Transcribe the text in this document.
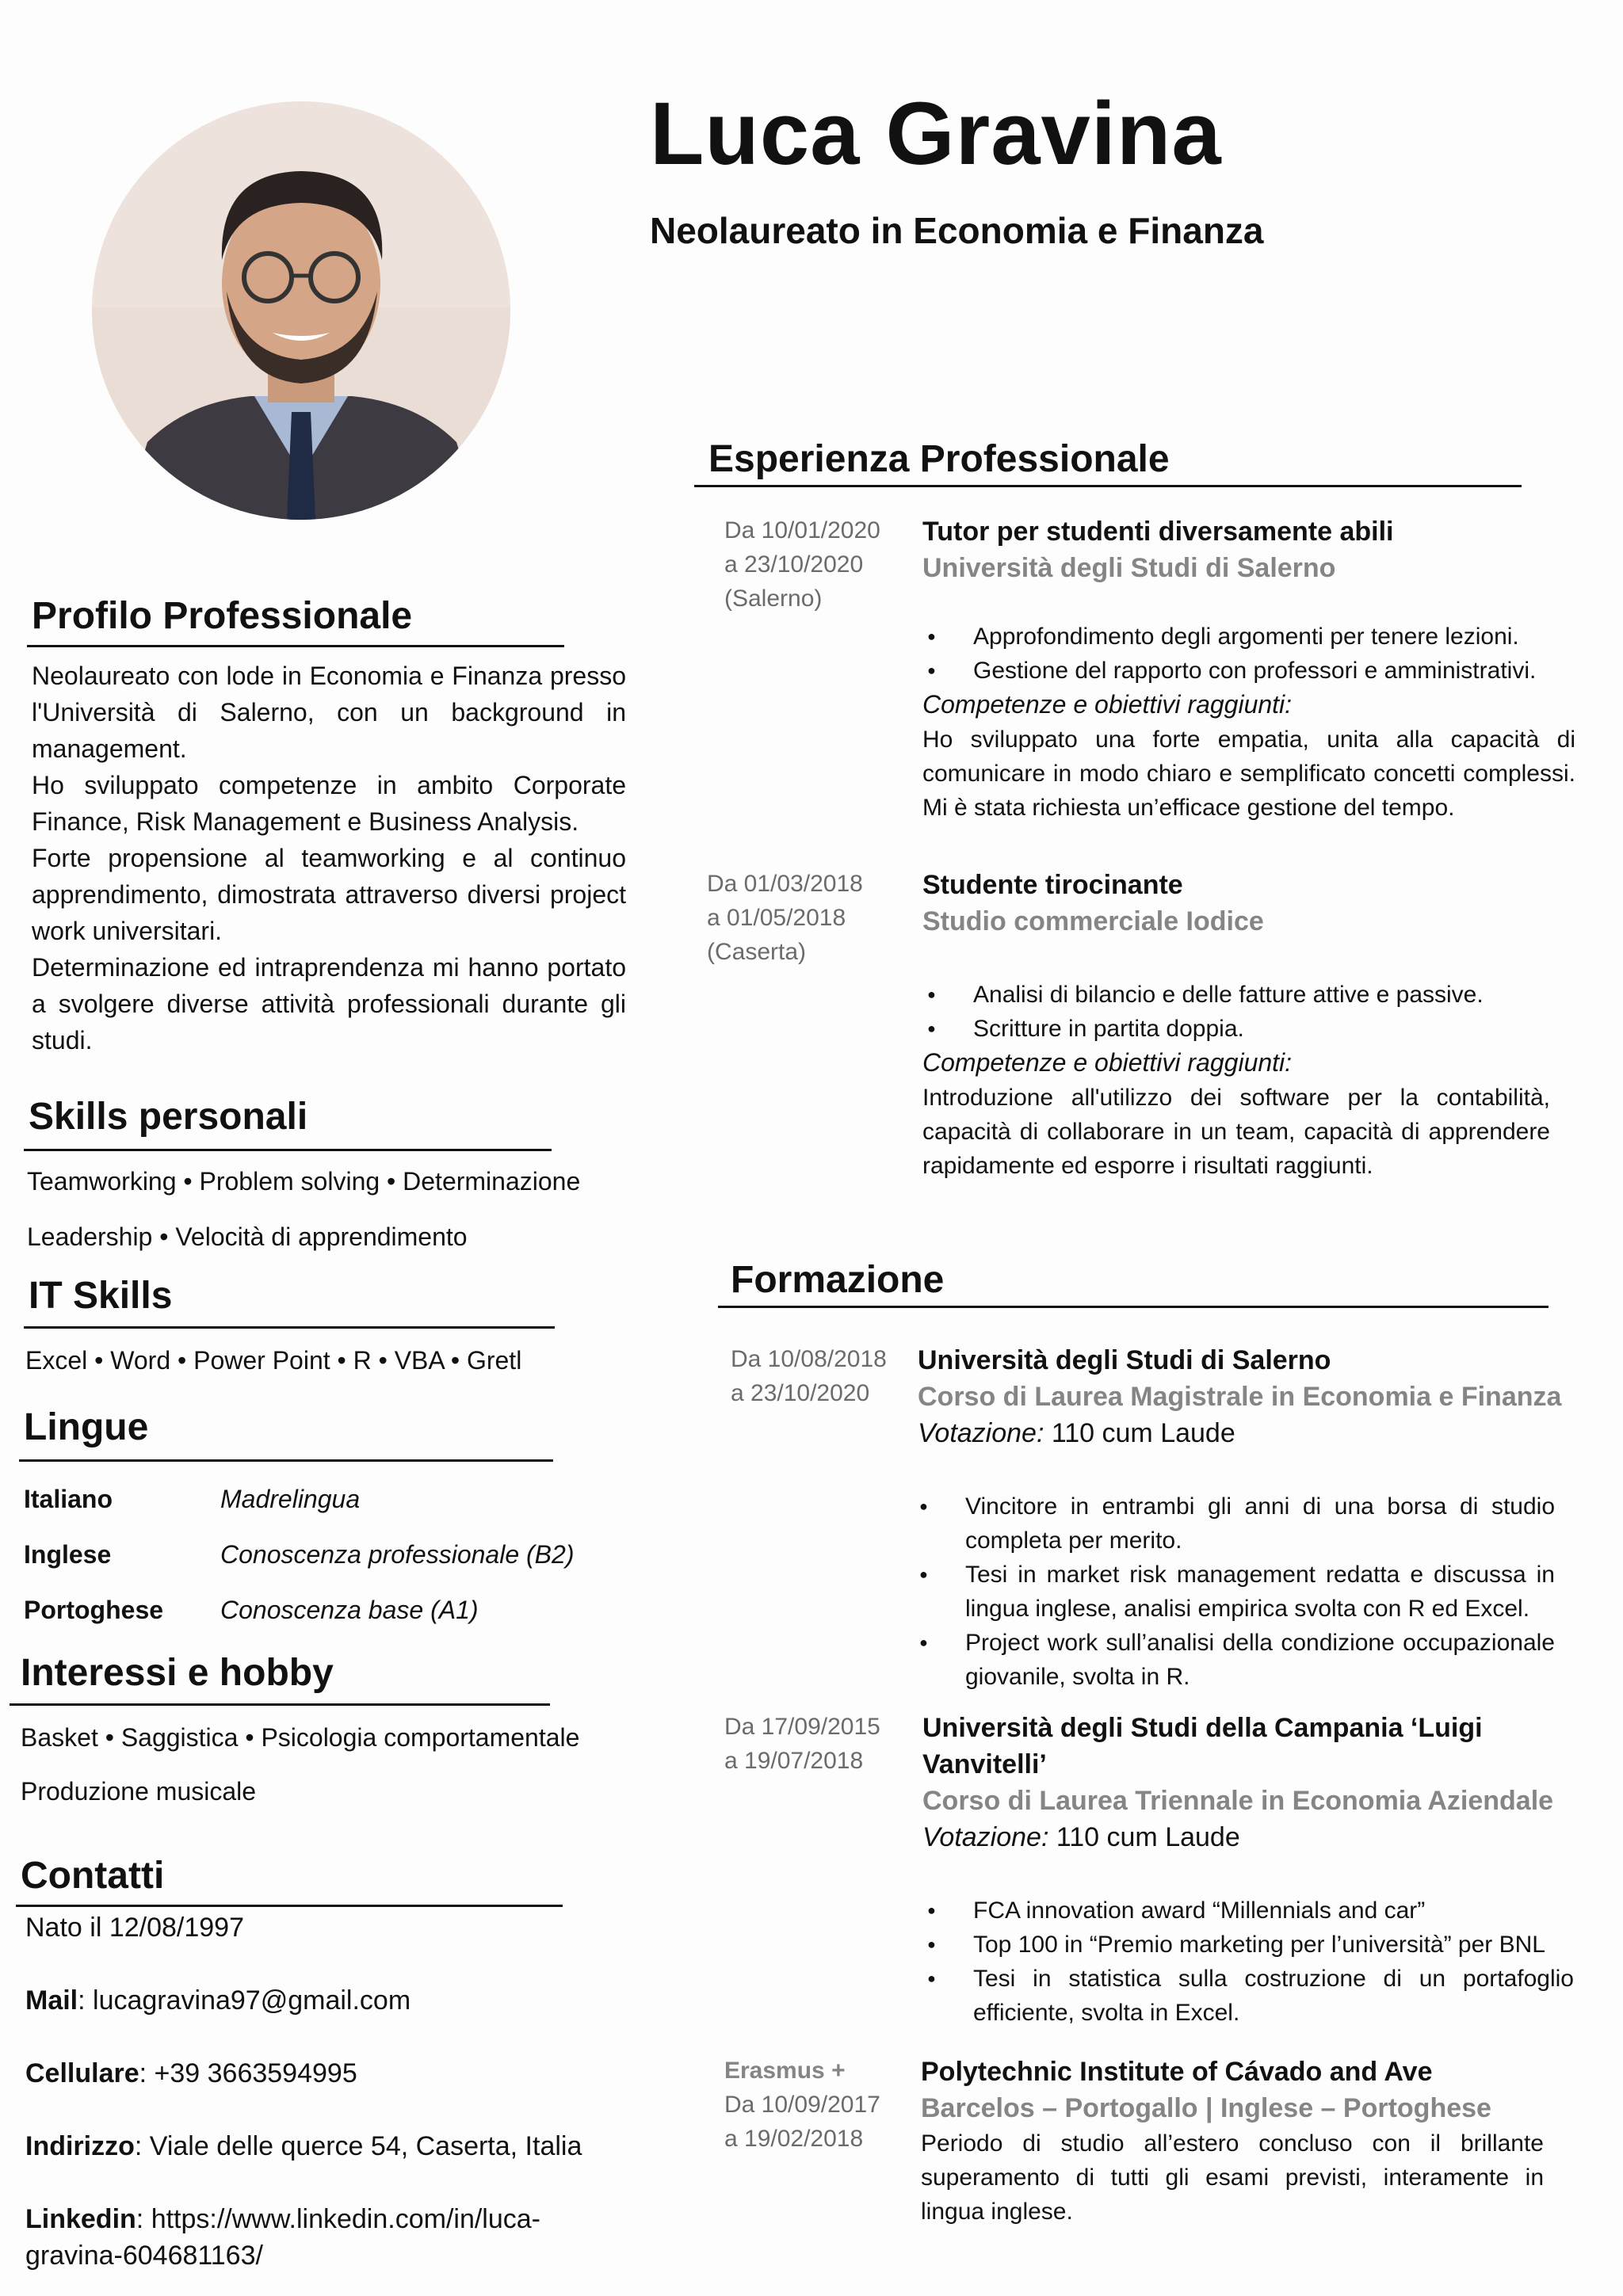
Luca Gravina
Neolaureato in Economia e Finanza
Profilo Professionale
Neolaureato con lode in Economia e Finanza presso l'Università di Salerno, con un background in management.
Ho sviluppato competenze in ambito Corporate Finance, Risk Management e Business Analysis.
Forte propensione al teamworking e al continuo apprendimento, dimostrata attraverso diversi project work universitari.
Determinazione ed intraprendenza mi hanno portato a svolgere diverse attività professionali durante gli studi.
Skills personali
Teamworking • Problem solving • Determinazione
Leadership • Velocità di apprendimento
IT Skills
Excel • Word • Power Point • R • VBA • Gretl
Lingue
Italiano	Madrelingua
Inglese	Conoscenza professionale (B2)
Portoghese Conoscenza base (A1)
Interessi e hobby
Basket • Saggistica • Psicologia comportamentale
Produzione musicale
Contatti
Nato il 12/08/1997
Mail: lucagravina97@gmail.com
Cellulare: +39 3663594995
Indirizzo: Viale delle querce 54, Caserta, Italia
Linkedin: https://www.linkedin.com/in/luca-
gravina-604681163/
Esperienza Professionale
Da 10/01/2020
a 23/10/2020
(Salerno)
Tutor per studenti diversamente abili
Università degli Studi di Salerno
● Approfondimento degli argomenti per tenere lezioni.
● Gestione del rapporto con professori e amministrativi.
Competenze e obiettivi raggiunti:
Ho sviluppato una forte empatia, unita alla capacità di comunicare in modo chiaro e semplificato concetti complessi. Mi è stata richiesta un’efficace gestione del tempo.
Da 01/03/2018
a 01/05/2018
(Caserta)
Studente tirocinante
Studio commerciale Iodice
● Analisi di bilancio e delle fatture attive e passive.
● Scritture in partita doppia.
Competenze e obiettivi raggiunti:
Introduzione all'utilizzo dei software per la contabilità, capacità di collaborare in un team, capacità di apprendere rapidamente ed esporre i risultati raggiunti.
Formazione
Da 10/08/2018
a 23/10/2020
Università degli Studi di Salerno
Corso di Laurea Magistrale in Economia e Finanza
Votazione: 110 cum Laude
● Vincitore in entrambi gli anni di una borsa di studio completa per merito.
● Tesi in market risk management redatta e discussa in lingua inglese, analisi empirica svolta con R ed Excel.
● Project work sull’analisi della condizione occupazionale giovanile, svolta in R.
Da 17/09/2015
a 19/07/2018
Università degli Studi della Campania ‘Luigi
Vanvitelli’
Corso di Laurea Triennale in Economia Aziendale
Votazione: 110 cum Laude
● FCA innovation award “Millennials and car”
● Top 100 in “Premio marketing per l’università” per BNL
● Tesi in statistica sulla costruzione di un portafoglio efficiente, svolta in Excel.
Erasmus +
Da 10/09/2017
a 19/02/2018
Polytechnic Institute of Cávado and Ave
Barcelos – Portogallo | Inglese – Portoghese
Periodo di studio all’estero concluso con il brillante superamento di tutti gli esami previsti, interamente in lingua inglese.
